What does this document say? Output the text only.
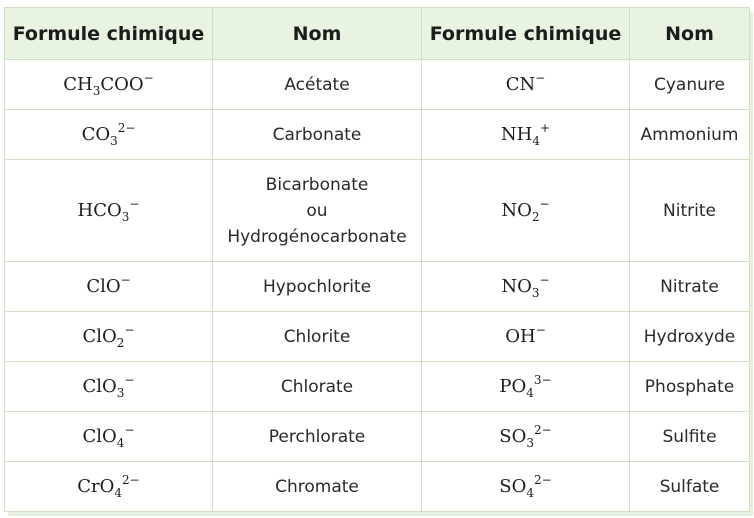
Formule chimique	Nom	Formule chimique	Nom
$CH_3COO^-$	Acétate	CN−	Cyanure

$CO_3^{2-}$	Carbonate	$NH_4^+$	Ammonium

$HCO_3^-$	Bicarbonate
ou
Hydrogénocarbonate	$NO_2^-$	Nitrite

ClO−	Hypochlorite	$NO_3^-$	Nitrate

ClO$_2$−	Chlorite	OH−	Hydroxyde

ClO$_3$−	Chlorate	$PO_4^{3-}$	Phosphate

ClO$_4$−	Perchlorate	$SO_3^{2-}$	Sulfite

CrO$_4^{2-}$	Chromate	$SO_4^{2-}$	Sulfate
